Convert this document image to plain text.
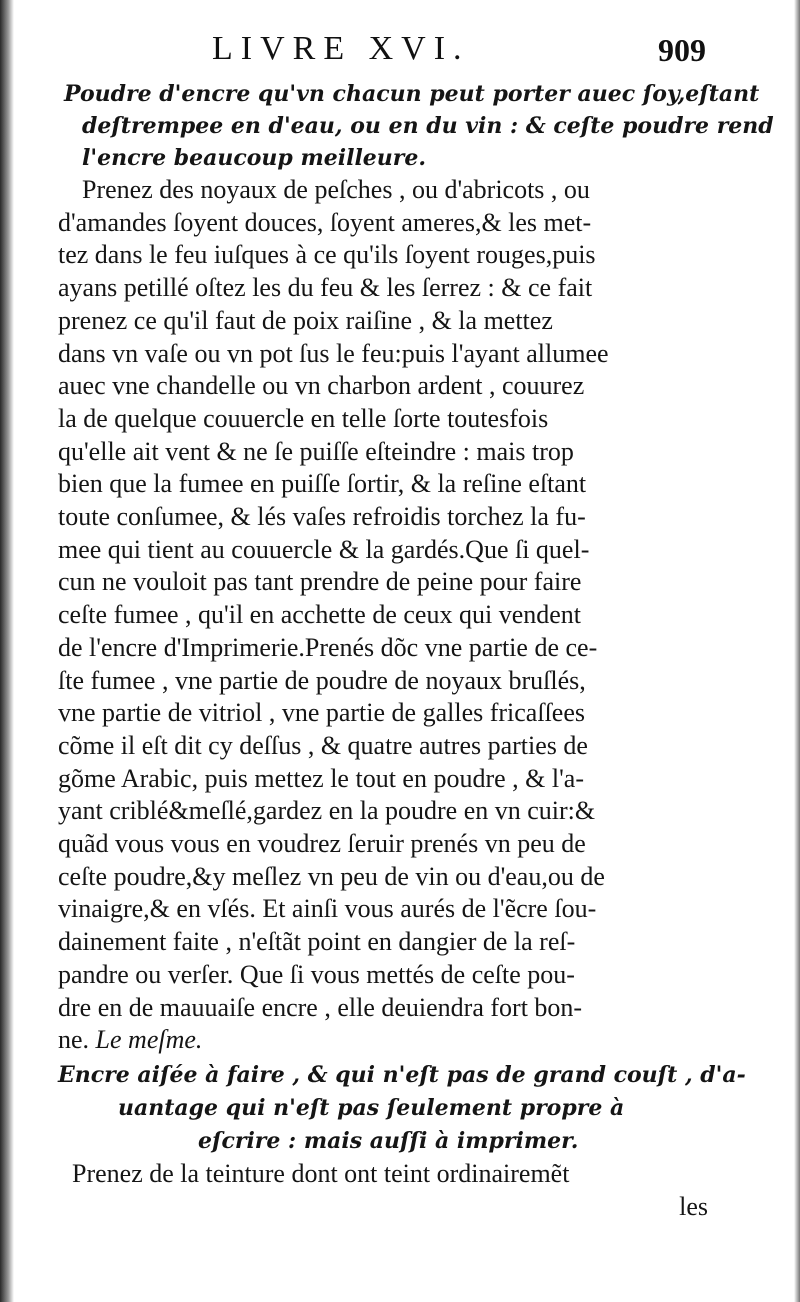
LIVRE XVI.	909
Poudre d'encre qu'vn chacun peut porter auec ſoy,eſtant
deſtrempee en d'eau, ou en du vin : & ceſte poudre rend
l'encre beaucoup meilleure.
Prenez des noyaux de peſches , ou d'abricots , ou
d'amandes ſoyent douces, ſoyent ameres,& les met-
tez dans le feu iuſques à ce qu'ils ſoyent rouges,puis
ayans petillé oſtez les du feu & les ſerrez : & ce fait
prenez ce qu'il faut de poix raiſine , & la mettez
dans vn vaſe ou vn pot ſus le feu:puis l'ayant allumee
auec vne chandelle ou vn charbon ardent , couurez
la de quelque couuercle en telle ſorte toutesfois
qu'elle ait vent & ne ſe puiſſe eſteindre : mais trop
bien que la fumee en puiſſe ſortir, & la reſine eſtant
toute conſumee, & lés vaſes refroidis torchez la fu-
mee qui tient au couuercle & la gardés.Que ſi quel-
cun ne vouloit pas tant prendre de peine pour faire
ceſte fumee , qu'il en acchette de ceux qui vendent
de l'encre d'Imprimerie.Prenés dõc vne partie de ce-
ſte fumee , vne partie de poudre de noyaux bruſlés,
vne partie de vitriol , vne partie de galles fricaſſees
cõme il eſt dit cy deſſus , & quatre autres parties de
gõme Arabic, puis mettez le tout en poudre , & l'a-
yant criblé&meſlé,gardez en la poudre en vn cuir:&
quãd vous vous en voudrez ſeruir prenés vn peu de
ceſte poudre,&y meſlez vn peu de vin ou d'eau,ou de
vinaigre,& en vſés. Et ainſi vous aurés de l'ẽcre ſou-
dainement faite , n'eſtãt point en dangier de la reſ-
pandre ou verſer. Que ſi vous mettés de ceſte pou-
dre en de mauuaiſe encre , elle deuiendra fort bon-
ne. Le meſme.
Encre aiſée à faire , & qui n'eſt pas de grand couſt , d'a-
uantage qui n'eſt pas ſeulement propre à
eſcrire : mais auſſi à imprimer.
Prenez de la teinture dont ont teint ordinairemẽt
les
